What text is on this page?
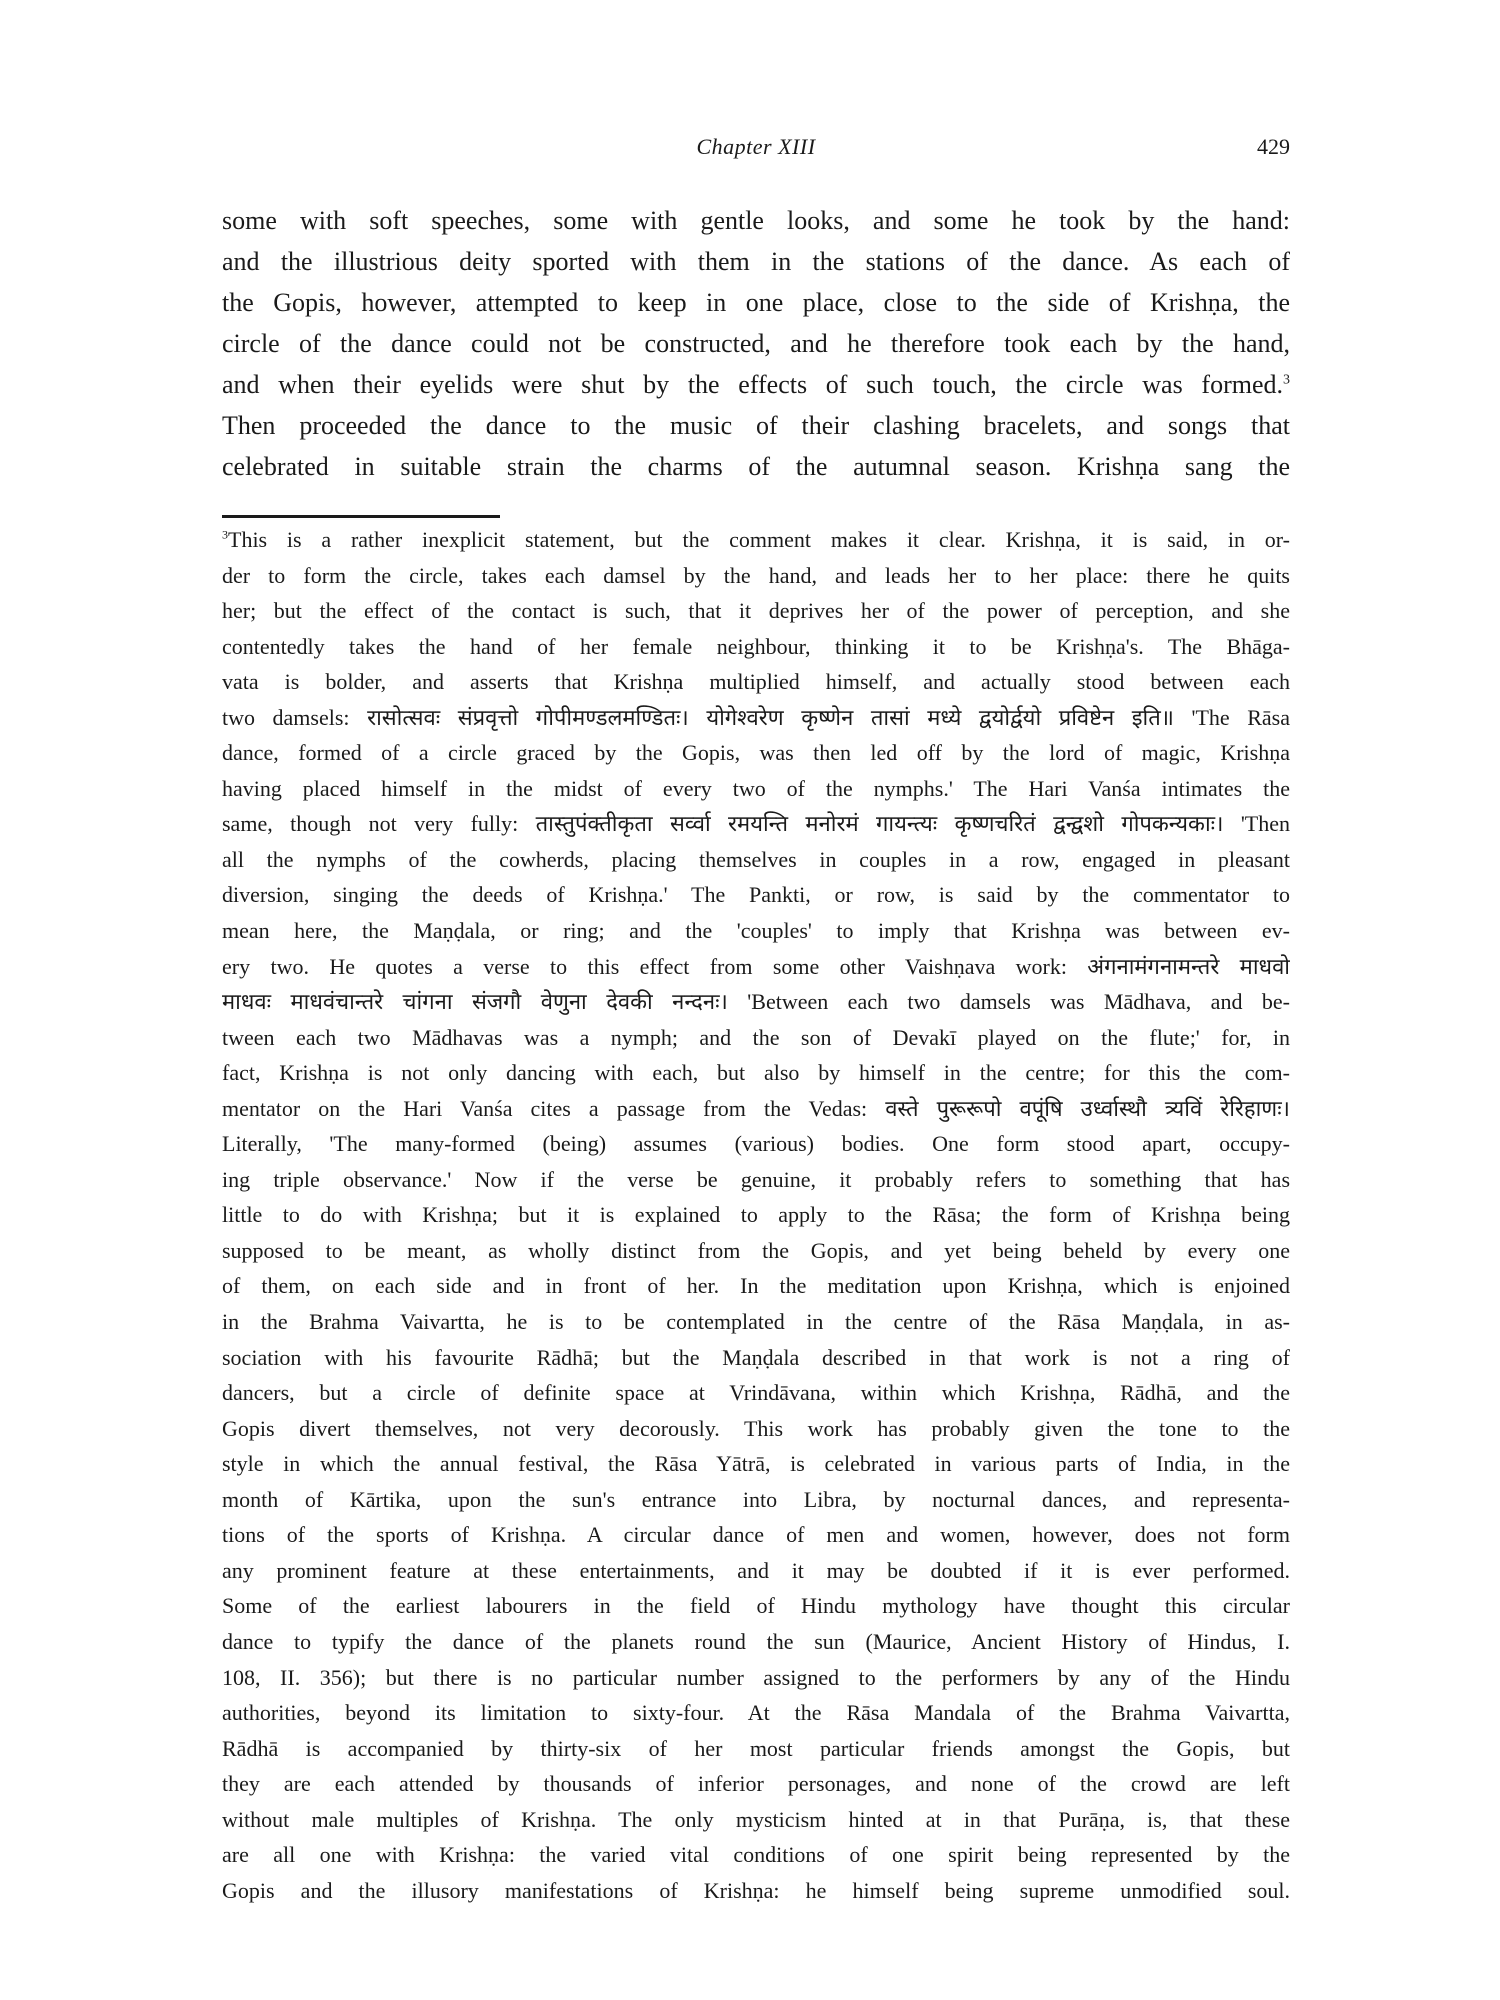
Chapter XIII	429
some with soft speeches, some with gentle looks, and some he took by the hand:
and the illustrious deity sported with them in the stations of the dance. As each of
the Gopis, however, attempted to keep in one place, close to the side of Krishṇa, the
circle of the dance could not be constructed, and he therefore took each by the hand,
and when their eyelids were shut by the effects of such touch, the circle was formed.$^3$
Then proceeded the dance to the music of their clashing bracelets, and songs that
celebrated in suitable strain the charms of the autumnal season. Krishṇa sang the
$^3$This is a rather inexplicit statement, but the comment makes it clear. Krishṇa, it is said, in or-
der to form the circle, takes each damsel by the hand, and leads her to her place: there he quits
her; but the effect of the contact is such, that it deprives her of the power of perception, and she
contentedly takes the hand of her female neighbour, thinking it to be Krishṇa's. The Bhāga-
vata is bolder, and asserts that Krishṇa multiplied himself, and actually stood between each
two damsels: रासोत्सवः संप्रवृत्तो गोपीमण्डलमण्डितः। योगेश्वरेण कृष्णेन तासां मध्ये द्वयोर्द्वयो प्रविष्टेन इति॥ 'The Rāsa
dance, formed of a circle graced by the Gopis, was then led off by the lord of magic, Krishṇa
having placed himself in the midst of every two of the nymphs.' The Hari Vanśa intimates the
same, though not very fully: तास्तुपंक्तीकृता सर्व्वा रमयन्ति मनोरमं गायन्त्यः कृष्णचरितं द्वन्द्वशो गोपकन्यकाः। 'Then
all the nymphs of the cowherds, placing themselves in couples in a row, engaged in pleasant
diversion, singing the deeds of Krishṇa.' The Pankti, or row, is said by the commentator to
mean here, the Maṇḍala, or ring; and the 'couples' to imply that Krishṇa was between ev-
ery two. He quotes a verse to this effect from some other Vaishṇava work: अंगनामंगनामन्तरे माधवो
माधवः माधवंचान्तरे चांगना संजगौ वेणुना देवकी नन्दनः। 'Between each two damsels was Mādhava, and be-
tween each two Mādhavas was a nymph; and the son of Devakī played on the flute;' for, in
fact, Krishṇa is not only dancing with each, but also by himself in the centre; for this the com-
mentator on the Hari Vanśa cites a passage from the Vedas: वस्ते पुरूरूपो वपूंषि उर्ध्वास्थौ त्र्यविं रेरिहाणः।
Literally, 'The many-formed (being) assumes (various) bodies. One form stood apart, occupy-
ing triple observance.' Now if the verse be genuine, it probably refers to something that has
little to do with Krishṇa; but it is explained to apply to the Rāsa; the form of Krishṇa being
supposed to be meant, as wholly distinct from the Gopis, and yet being beheld by every one
of them, on each side and in front of her. In the meditation upon Krishṇa, which is enjoined
in the Brahma Vaivartta, he is to be contemplated in the centre of the Rāsa Maṇḍala, in as-
sociation with his favourite Rādhā; but the Maṇḍala described in that work is not a ring of
dancers, but a circle of definite space at Vrindāvana, within which Krishṇa, Rādhā, and the
Gopis divert themselves, not very decorously. This work has probably given the tone to the
style in which the annual festival, the Rāsa Yātrā, is celebrated in various parts of India, in the
month of Kārtika, upon the sun's entrance into Libra, by nocturnal dances, and representa-
tions of the sports of Krishṇa. A circular dance of men and women, however, does not form
any prominent feature at these entertainments, and it may be doubted if it is ever performed.
Some of the earliest labourers in the field of Hindu mythology have thought this circular
dance to typify the dance of the planets round the sun (Maurice, Ancient History of Hindus, I.
108, II. 356); but there is no particular number assigned to the performers by any of the Hindu
authorities, beyond its limitation to sixty-four. At the Rāsa Mandala of the Brahma Vaivartta,
Rādhā is accompanied by thirty-six of her most particular friends amongst the Gopis, but
they are each attended by thousands of inferior personages, and none of the crowd are left
without male multiples of Krishṇa. The only mysticism hinted at in that Purāṇa, is, that these
are all one with Krishṇa: the varied vital conditions of one spirit being represented by the
Gopis and the illusory manifestations of Krishṇa: he himself being supreme unmodified soul.
